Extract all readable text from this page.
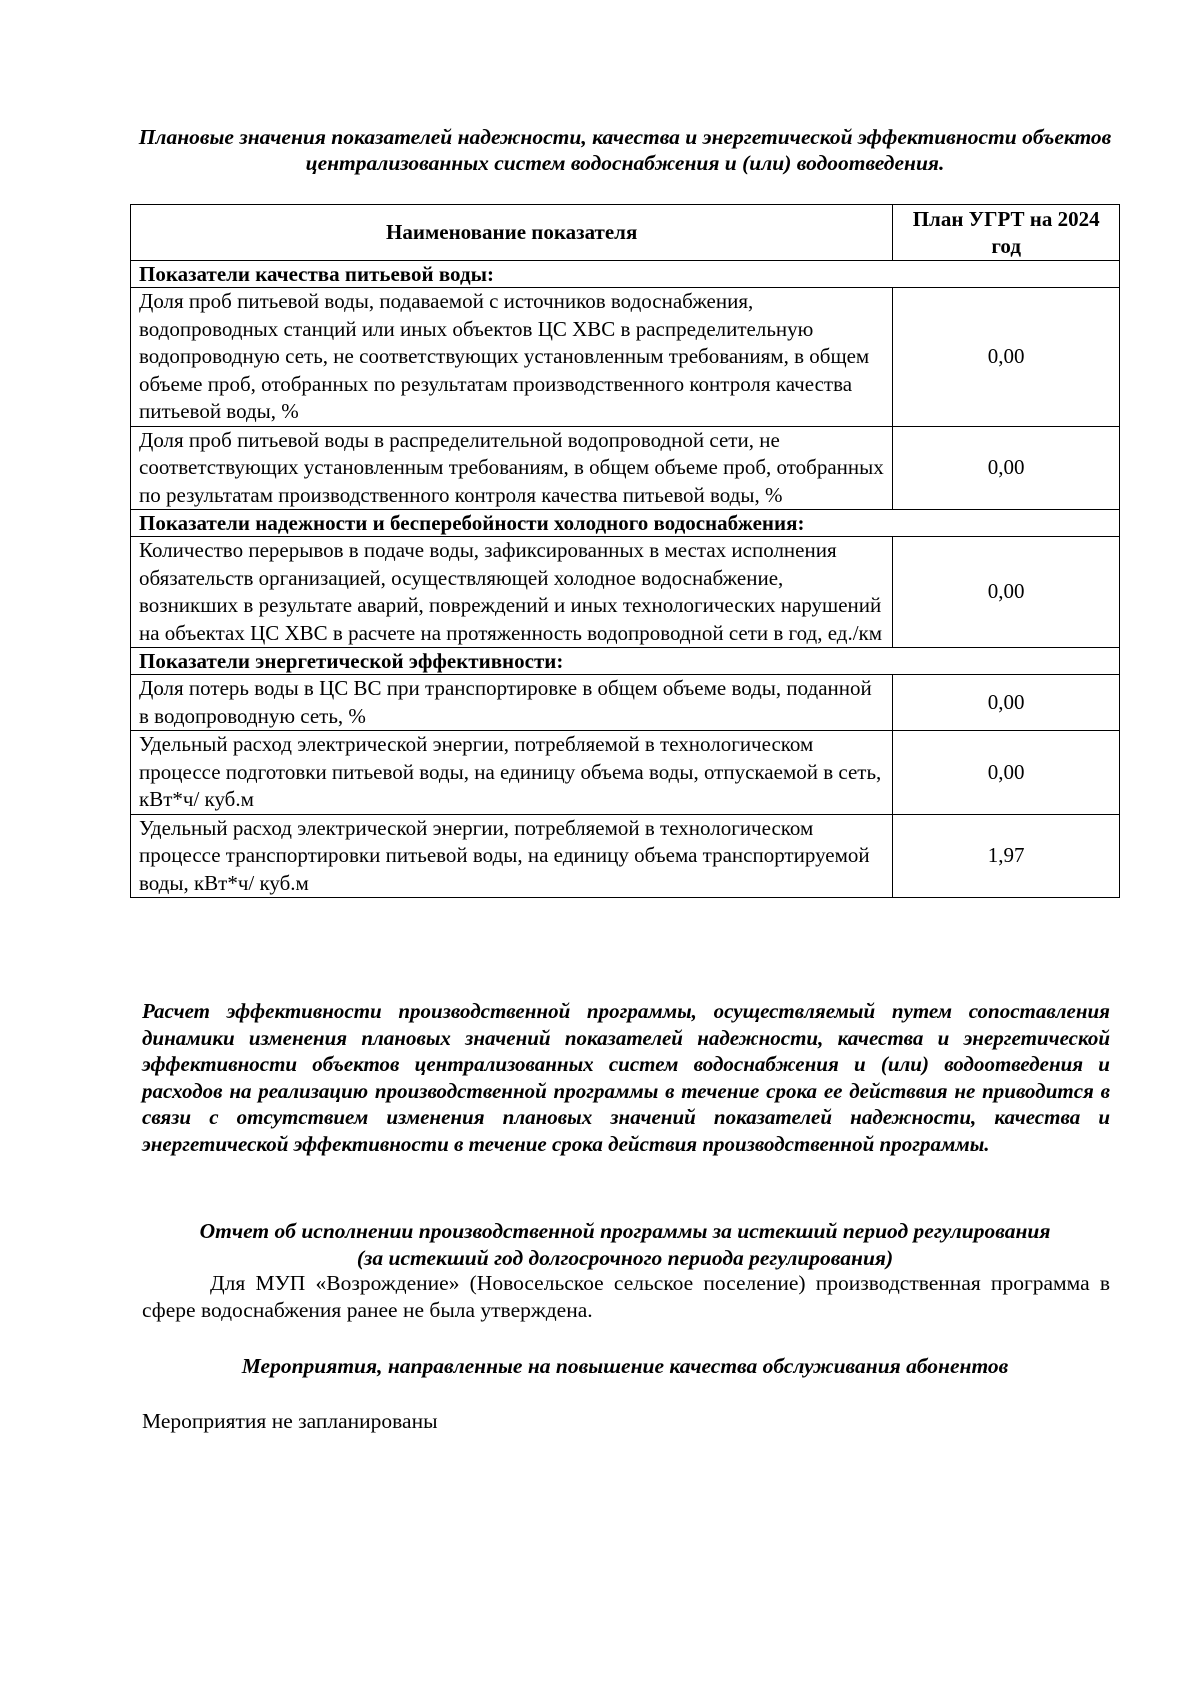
Плановые значения показателей надежности, качества и энергетической эффективности объектов централизованных систем водоснабжения и (или) водоотведения.

Наименование показателя	План УГРТ на 2024 год
Показатели качества питьевой воды:	
Доля проб питьевой воды, подаваемой с источников водоснабжения, водопроводных станций или иных объектов ЦС ХВС в распределительную водопроводную сеть, не соответствующих установленным требованиям, в общем объеме проб, отобранных по результатам производственного контроля качества питьевой воды, %	0,00
Доля проб питьевой воды в распределительной водопроводной сети, не соответствующих установленным требованиям, в общем объеме проб, отобранных по результатам производственного контроля качества питьевой воды, %	0,00
Показатели надежности и бесперебойности холодного водоснабжения:	
Количество перерывов в подаче воды, зафиксированных в местах исполнения обязательств организацией, осуществляющей холодное водоснабжение, возникших в результате аварий, повреждений и иных технологических нарушений на объектах ЦС ХВС в расчете на протяженность водопроводной сети в год, ед./км	0,00
Показатели энергетической эффективности:	
Доля потерь воды в ЦС ВС при транспортировке в общем объеме воды, поданной в водопроводную сеть, %	0,00
Удельный расход электрической энергии, потребляемой в технологическом процессе подготовки питьевой воды, на единицу объема воды, отпускаемой в сеть, кВт*ч/ куб.м	0,00
Удельный расход электрической энергии, потребляемой в технологическом процессе транспортировки питьевой воды, на единицу объема транспортируемой воды, кВт*ч/ куб.м	1,97

Расчет эффективности производственной программы, осуществляемый путем сопоставления динамики изменения плановых значений показателей надежности, качества и энергетической эффективности объектов централизованных систем водоснабжения и (или) водоотведения и расходов на реализацию производственной программы в течение срока ее действвия не приводится в связи с отсутствием изменения плановых значений показателей надежности, качества и энергетической эффективности в течение срока действия производственной программы.

Отчет об исполнении производственной программы за истекший период регулирования
(за истекший год долгосрочного периода регулирования)

Для МУП «Возрождение» (Новосельское сельское поселение) производственная программа в сфере водоснабжения ранее не была утверждена.

Мероприятия, направленные на повышение качества обслуживания абонентов

Мероприятия не запланированы
